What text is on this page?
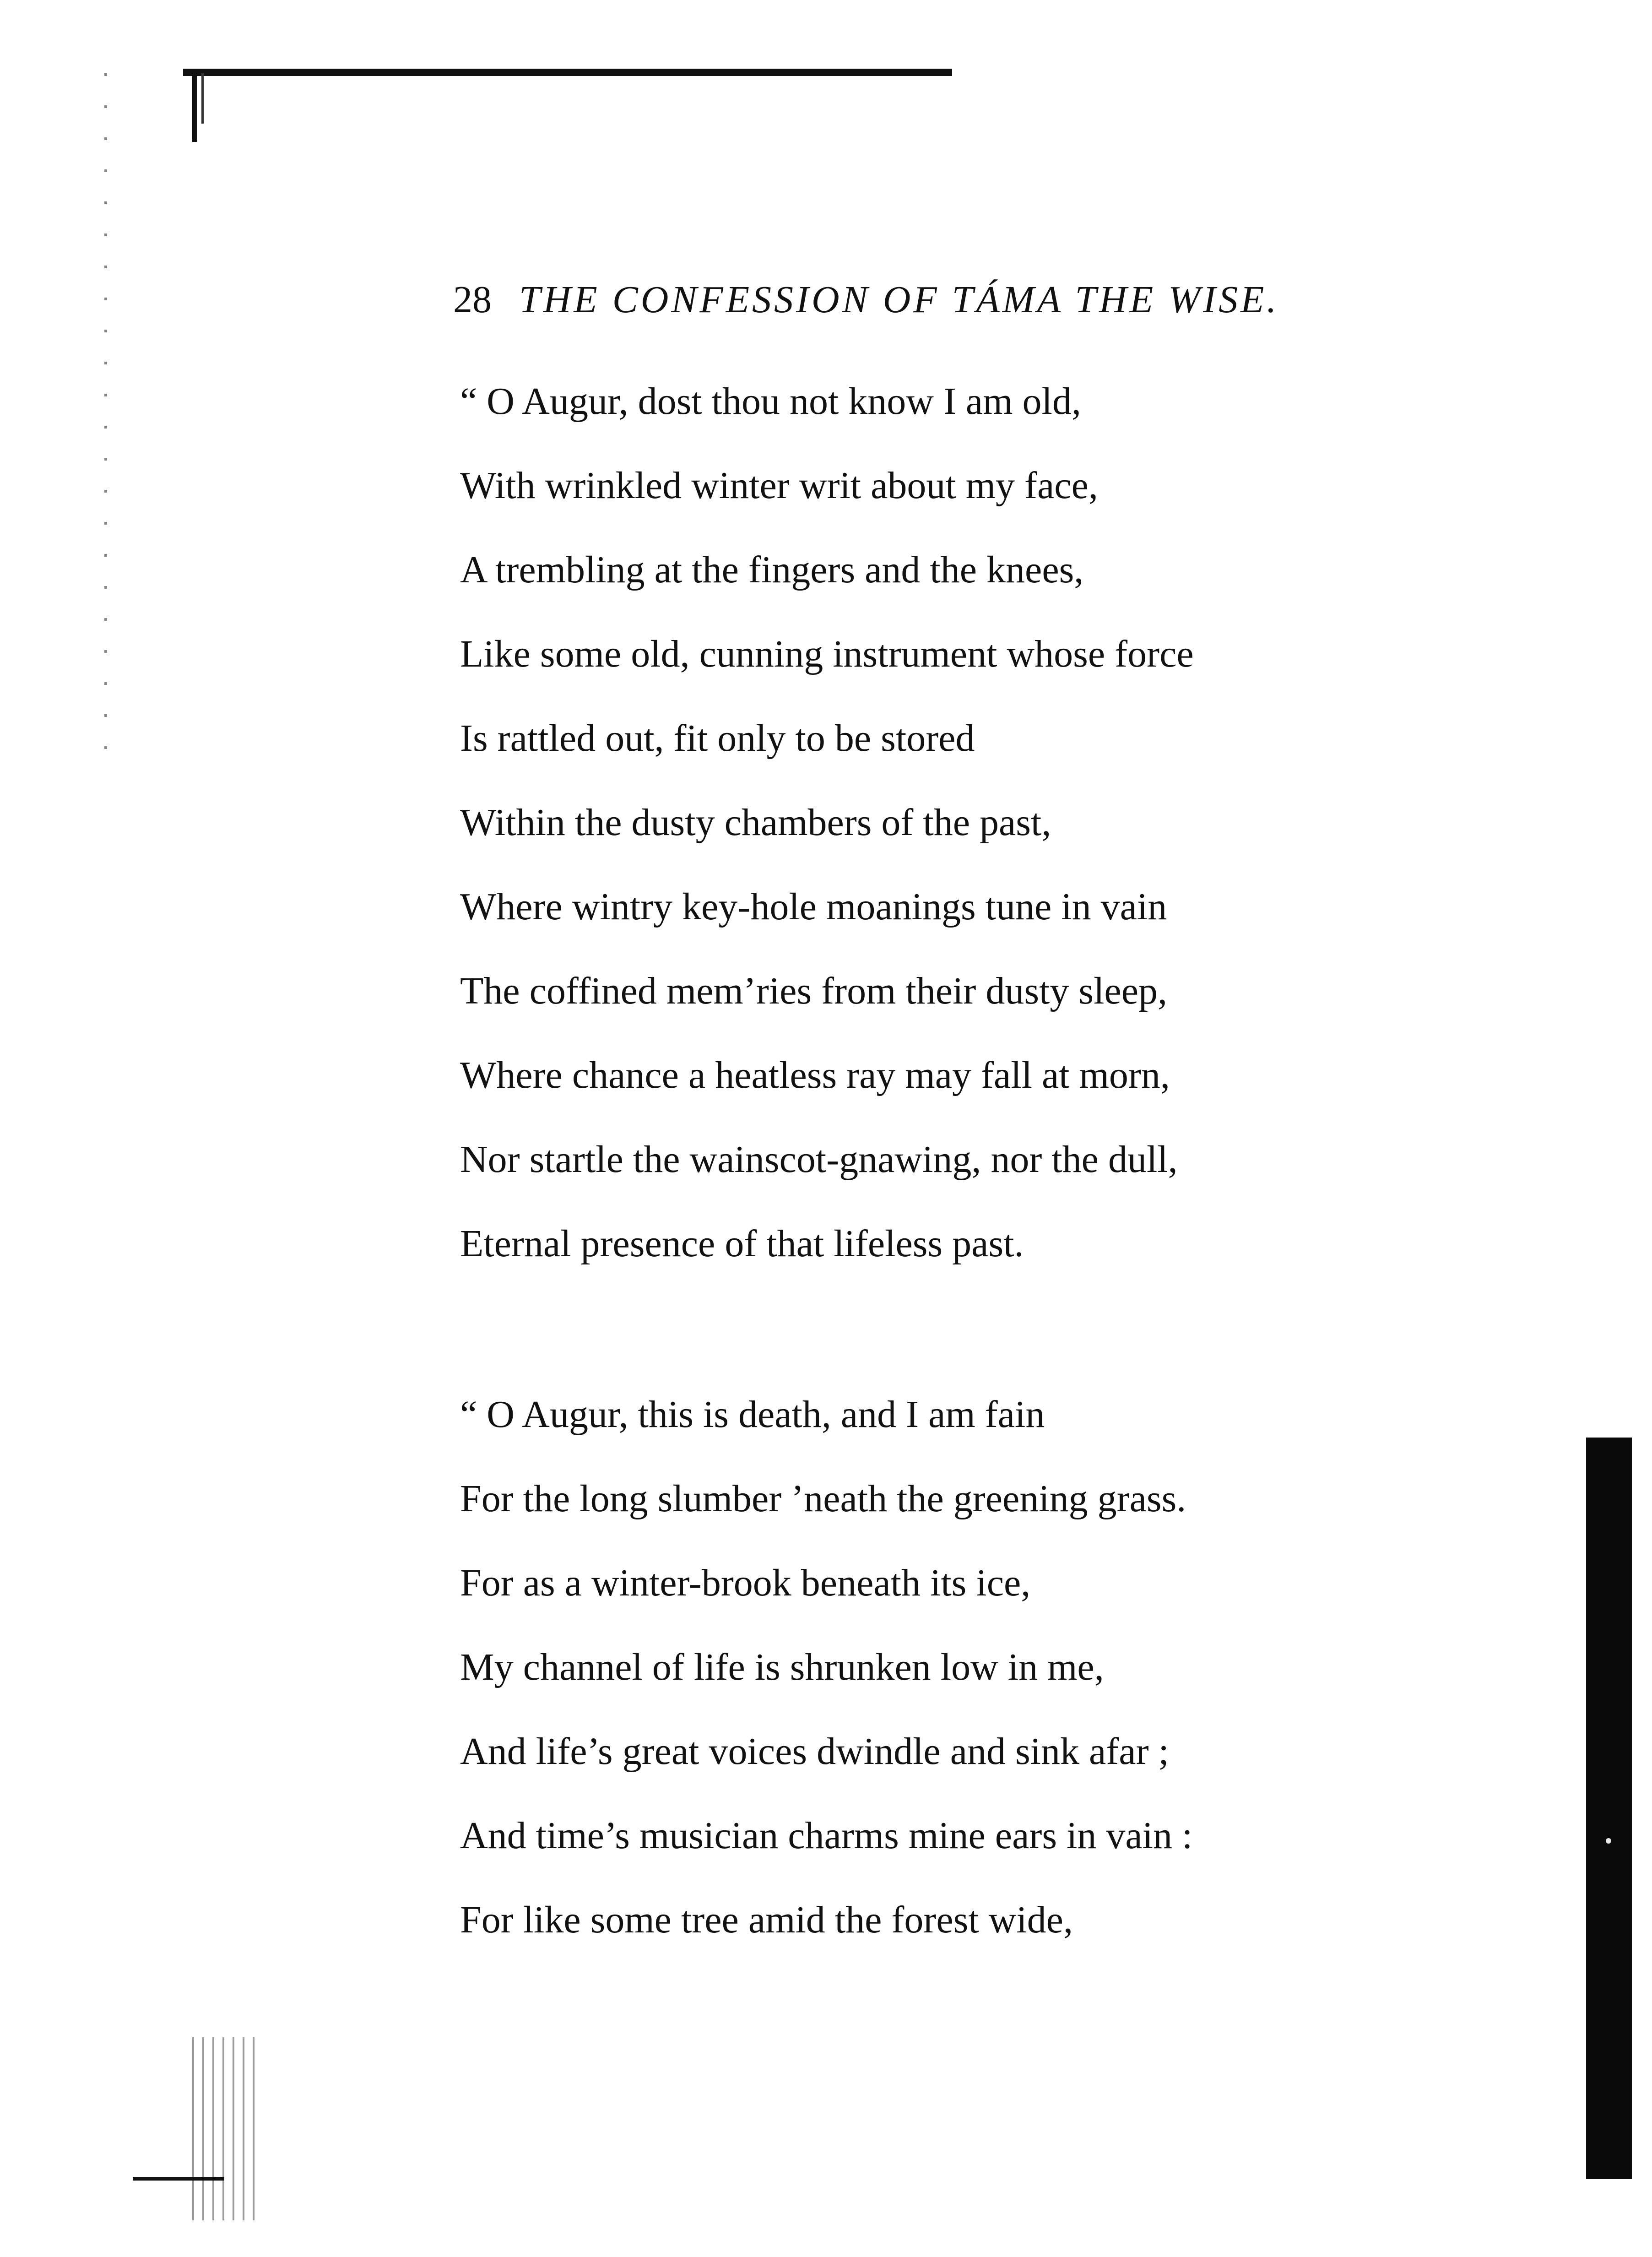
28 THE CONFESSION OF TÁMA THE WISE.
“ O Augur, dost thou not know I am old,
With wrinkled winter writ about my face,
A trembling at the fingers and the knees,
Like some old, cunning instrument whose force
Is rattled out, fit only to be stored
Within the dusty chambers of the past,
Where wintry key-hole moanings tune in vain
The coffined mem’ries from their dusty sleep,
Where chance a heatless ray may fall at morn,
Nor startle the wainscot-gnawing, nor the dull,
Eternal presence of that lifeless past.
“ O Augur, this is death, and I am fain
For the long slumber ’neath the greening grass.
For as a winter-brook beneath its ice,
My channel of life is shrunken low in me,
And life’s great voices dwindle and sink afar ;
And time’s musician charms mine ears in vain :
For like some tree amid the forest wide,
